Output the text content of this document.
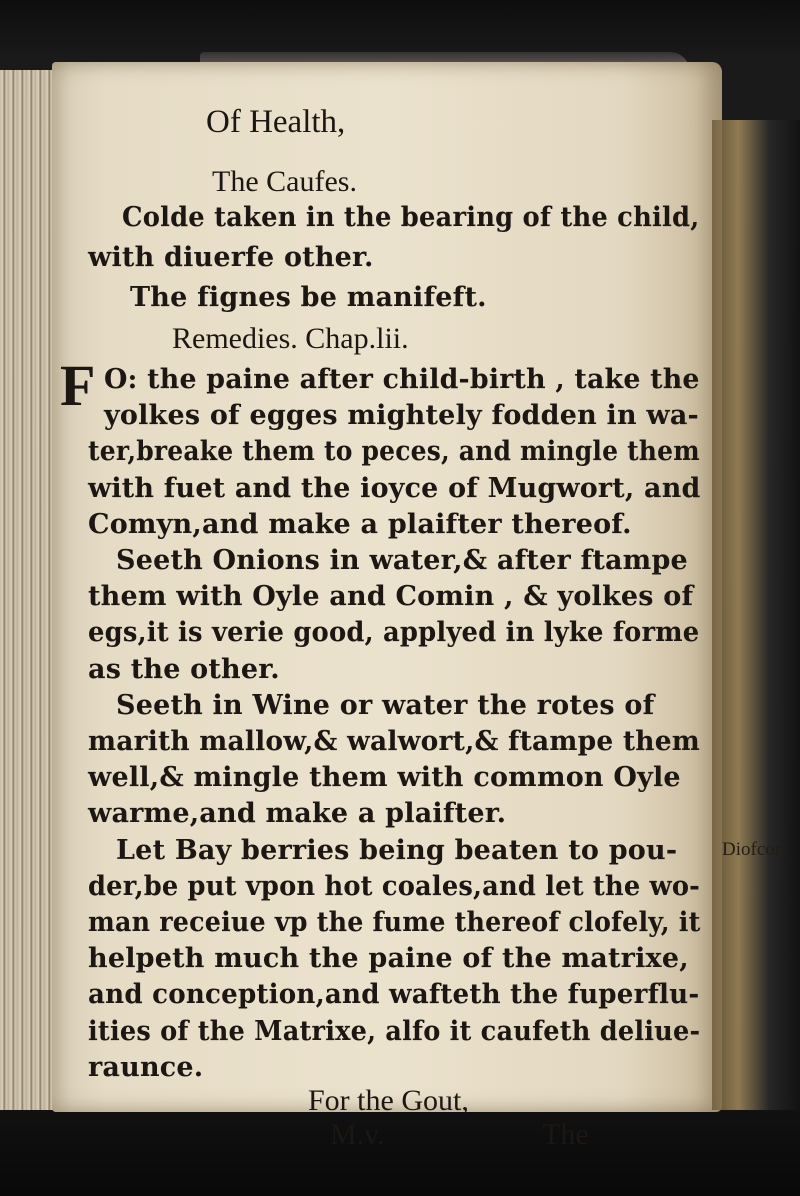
Of Health,
The Caufes.
Colde taken in the bearing of the child,
with diuerfe other.
The fignes be manifeft.
Remedies. Chap.lii.
F O: the paine after child-birth , take the
yolkes of egges mightely fodden in wa-
ter,breake them to peces, and mingle them
with fuet and the ioyce of Mugwort, and
Comyn,and make a plaifter thereof.
Seeth Onions in water,& after ftampe
them with Oyle and Comin , & yolkes of
egs,it is verie good, applyed in lyke forme
as the other.
Seeth in Wine or water the rotes of
marith mallow,& walwort,& ftampe them
well,& mingle them with common Oyle
warme,and make a plaifter.
Let Bay berries being beaten to pou-
der,be put vpon hot coales,and let the wo-
man receiue vp the fume thereof clofely, it
helpeth much the paine of the matrixe,
and conception,and wafteth the fuperflu-
ities of the Matrixe, alfo it caufeth deliue-
raunce.
Diofcor.
For the Gout,
M.v.	The
